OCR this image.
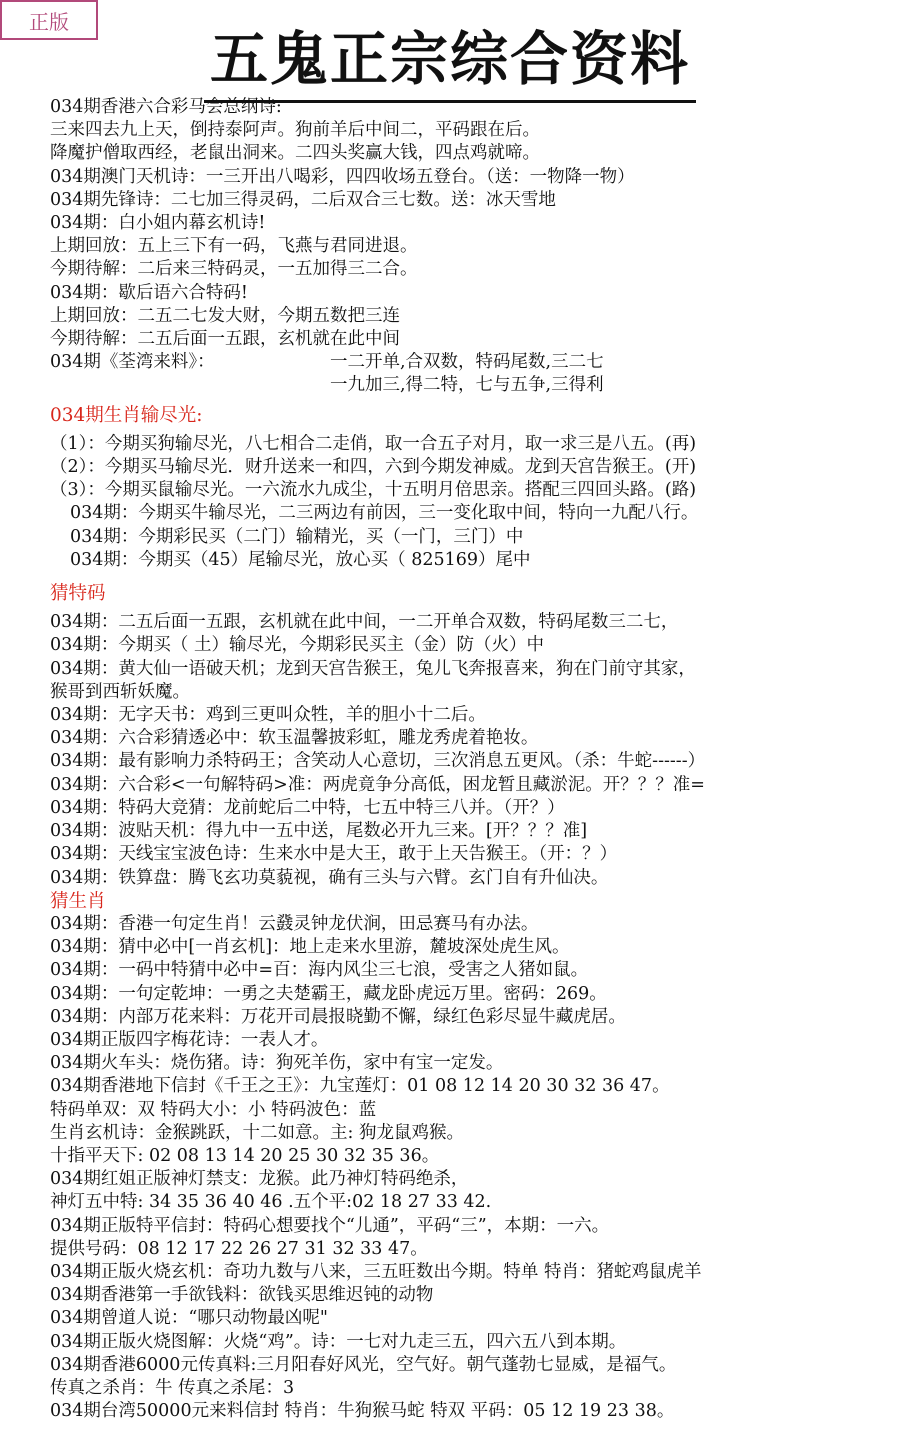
正版
五鬼正宗综合资料
034期香港六合彩马会总纲诗:
三来四去九上天，倒持泰阿声。狗前羊后中间二，平码跟在后。
降魔护僧取西经，老鼠出洞来。二四头奖赢大钱，四点鸡就啼。
034期澳门天机诗：一三开出八喝彩，四四收场五登台。（送：一物降一物）
034期先锋诗：二七加三得灵码，二后双合三七数。送：冰天雪地
034期：白小姐内幕玄机诗!
上期回放：五上三下有一码，飞燕与君同进退。
今期待解：二后来三特码灵，一五加得三二合。
034期：歇后语六合特码!
上期回放：二五二七发大财，今期五数把三连
今期待解：二五后面一五跟，玄机就在此中间
034期《荃湾来料》：	一二开单,合双数，特码尾数,三二七
一九加三,得二特，七与五争,三得利
034期生肖输尽光:
（1）：今期买狗输尽光，八七相合二走俏，取一合五子对月，取一求三是八五。(再)
（2）：今期买马输尽光．财升送来一和四，六到今期发神威。龙到天宫告猴王。(开)
（3）：今期买鼠输尽光。一六流水九成尘，十五明月倍思亲。搭配三四回头路。(路)
034期：今期买牛输尽光，二三两边有前因，三一变化取中间，特向一九配八行。
034期：今期彩民买（二门）输精光，买（一门，三门）中
034期：今期买（45）尾输尽光，放心买（ 825169）尾中
猜特码
034期：二五后面一五跟，玄机就在此中间，一二开单合双数，特码尾数三二七，
034期：今期买（ 土）输尽光，今期彩民买主（金）防（火）中
034期：黄大仙一语破天机；龙到天宫告猴王，兔儿飞奔报喜来，狗在门前守其家，
猴哥到西斩妖魔。
034期：无字天书：鸡到三更叫众牲，羊的胆小十二后。
034期：六合彩猜透必中：软玉温馨披彩虹，雕龙秀虎着艳妆。
034期：最有影响力杀特码王；含笑动人心意切，三次消息五更风。（杀：牛蛇------）
034期：六合彩<一句解特码>准：两虎竟争分高低，困龙暂且藏淤泥。开？？？准=
034期：特码大竞猜：龙前蛇后二中特，七五中特三八并。（开？）
034期：波贴天机：得九中一五中送，尾数必开九三来。[开？？？准]
034期：天线宝宝波色诗：生来水中是大王，敢于上天告猴王。（开：？）
034期：铁算盘：腾飞玄功莫藐视，确有三头与六臂。玄门自有升仙决。
猜生肖
034期：香港一句定生肖！云鼗灵钟龙伏涧，田忌赛马有办法。
034期：猜中必中[一肖玄机]：地上走来水里游，麓坡深处虎生风。
034期：一码中特猜中必中=百：海内风尘三七浪，受害之人猪如鼠。
034期：一句定乾坤：一勇之夫楚霸王，藏龙卧虎远万里。密码：269。
034期：内部万花来料：万花开司晨报晓勤不懈，绿红色彩尽显牛藏虎居。
034期正版四字梅花诗：一表人才。
034期火车头：烧伤猪。诗：狗死羊伤，家中有宝一定发。
034期香港地下信封《千王之王》：九宝莲灯：01 08 12 14 20 30 32 36 47。
特码单双：双 特码大小：小 特码波色：蓝
生肖玄机诗：金猴跳跃，十二如意。主: 狗龙鼠鸡猴。
十指平天下: 02 08 13 14 20 25 30 32 35 36。
034期红姐正版神灯禁支：龙猴。此乃神灯特码绝杀，
神灯五中特: 34 35 36 40 46 .五个平:02 18 27 33 42.
034期正版特平信封：特码心想要找个“儿通”，平码“三”，本期：一六。
提供号码：08 12 17 22 26 27 31 32 33 47。
034期正版火烧玄机：奇功九数与八来，三五旺数出今期。特单 特肖：猪蛇鸡鼠虎羊
034期香港第一手欲钱料：欲钱买思维迟钝的动物
034期曾道人说：“哪只动物最凶呢"
034期正版火烧图解：火烧“鸡”。诗：一七对九走三五，四六五八到本期。
034期香港6000元传真料:三月阳春好风光，空气好。朝气蓬勃七显威，是福气。
传真之杀肖：牛 传真之杀尾：3
034期台湾50000元来料信封 特肖：牛狗猴马蛇 特双 平码：05 12 19 23 38。
